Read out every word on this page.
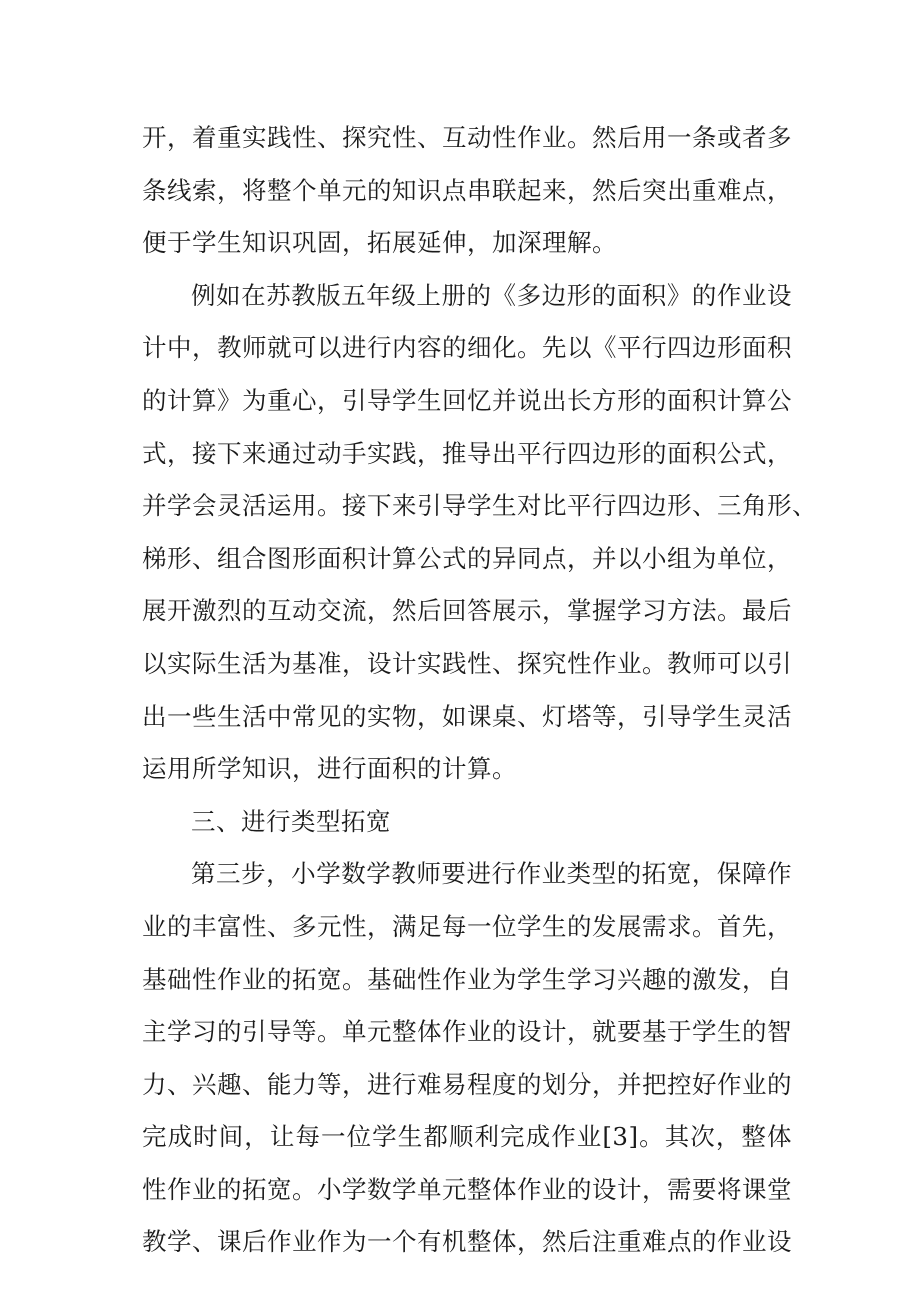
开，着重实践性、探究性、互动性作业。然后用一条或者多
条线索，将整个单元的知识点串联起来，然后突出重难点，
便于学生知识巩固，拓展延伸，加深理解。
例如在苏教版五年级上册的《多边形的面积》的作业设
计中，教师就可以进行内容的细化。先以《平行四边形面积
的计算》为重心，引导学生回忆并说出长方形的面积计算公
式，接下来通过动手实践，推导出平行四边形的面积公式，
并学会灵活运用。接下来引导学生对比平行四边形、三角形、
梯形、组合图形面积计算公式的异同点，并以小组为单位，
展开激烈的互动交流，然后回答展示，掌握学习方法。最后
以实际生活为基准，设计实践性、探究性作业。教师可以引
出一些生活中常见的实物，如课桌、灯塔等，引导学生灵活
运用所学知识，进行面积的计算。
三、进行类型拓宽
第三步，小学数学教师要进行作业类型的拓宽，保障作
业的丰富性、多元性，满足每一位学生的发展需求。首先，
基础性作业的拓宽。基础性作业为学生学习兴趣的激发，自
主学习的引导等。单元整体作业的设计，就要基于学生的智
力、兴趣、能力等，进行难易程度的划分，并把控好作业的
完成时间，让每一位学生都顺利完成作业[3]。其次，整体
性作业的拓宽。小学数学单元整体作业的设计，需要将课堂
教学、课后作业作为一个有机整体，然后注重难点的作业设
